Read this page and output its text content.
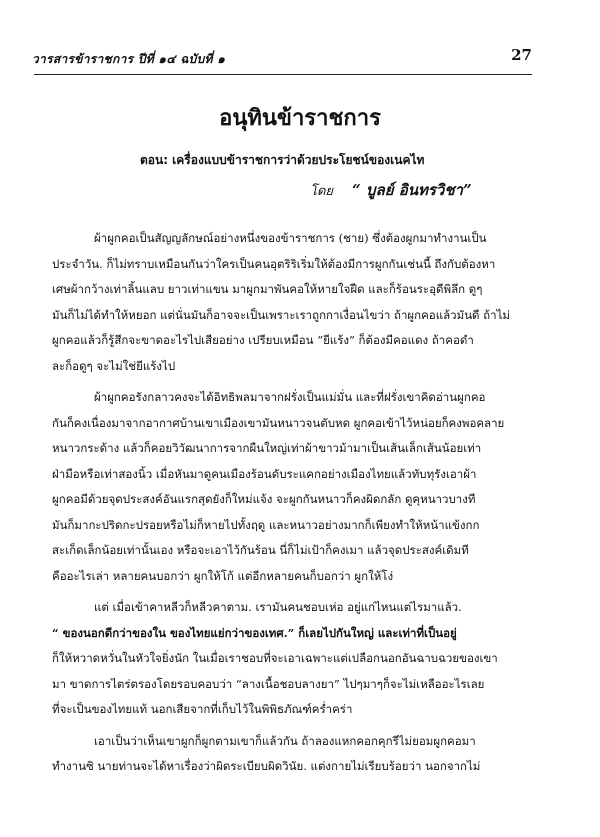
วารสารข้าราชการ ปีที่ ๑๔ ฉบับที่ ๑	27
อนุทินข้าราชการ
ตอน: เครื่องแบบข้าราชการว่าด้วยประโยชน์ของเนคไท
โดย “ บูลย์ อินทรวิชา”
ผ้าผูกคอเป็นสัญญลักษณ์อย่างหนึ่งของข้าราชการ (ชาย) ซึ่งต้องผูกมาทำงานเป็น
ประจำวัน. ก็ไม่ทราบเหมือนกันว่าใครเป็นคนอุตริริเริ่มให้ต้องมีการผูกกันเช่นนี้ ถึงกับต้องหา
เศษผ้ากว้างเท่าลิ้นแลบ ยาวเท่าแขน มาผูกมาพันคอให้หายใจฝืด และก็ร้อนระอุดีพิลึก ดูๆ
มันก็ไม่ได้ทำให้หยอก แต่นั่นมันก็อาจจะเป็นเพราะเราถูกกาเงื่อนไขว่า ถ้าผูกคอแล้วมันดี ถ้าไม่
ผูกคอแล้วก็รู้สึกจะขาดอะไรไปเสียอย่าง เปรียบเหมือน “ยีแร้ง” ก็ต้องมีคอแดง ถ้าคอดำ
ละก็อดูๆ จะไม่ใช่ยีแร้งไป
ผ้าผูกคอรังกลาวคงจะได้อิทธิพลมาจากฝรั่งเป็นแม่มั่น และที่ฝรั่งเขาคิดอ่านผูกคอ
กันก็คงเนื่องมาจากอากาศบ้านเขาเมืองเขามันหนาวจนตับหด ผูกคอเข้าไว้หน่อยก็คงพอคลาย
หนาวกระด้าง แล้วก็คอยวิวัฒนาการจากผืนใหญ่เท่าผ้าขาวม้ามาเป็นเส้นเล็กเส้นน้อยเท่า
ฝ่ามือหรือเท่าสองนิ้ว เมื่อหันมาดูคนเมืองร้อนดับระแคกอย่างเมืองไทยแล้วทับทุรังเอาผ้า
ผูกคอมีด้วยจุดประสงค์อันแรกสุดยังก็ใหม่แจ้ง จะผูกกันหนาวก็คงผิดกลัก ดูคุหนาวบางที
มันก็มากะปริดกะปรอยหรือไม่ก็หายไปทั้งฤดู และหนาวอย่างมากก็เพียงทำให้หน้าแข้งกก
สะเก็ดเล็กน้อยเท่านั้นเอง หรือจะเอาไว้กันร้อน นี่ก็ไม่เป้าก็คงเมา แล้วจุดประสงค์เดิมที
คืออะไรเล่า หลายคนบอกว่า ผูกให้โก้ แต่อีกหลายคนก็บอกว่า ผูกให้โง่
แต่ เมื่อเข้าคาหลีวก็หลีวคาตาม. เรามันคนชอบเห่อ อยู่แก่ไหนแต่ไรมาแล้ว.
“ ของนอกดีกว่าของใน ของไทยแย่กว่าของเทศ.” ก็เลยไปกันใหญ่ และเท่าที่เป็นอยู่
ก็ให้หวาดหวั่นในหัวใจยิ่งนัก ในเมื่อเราชอบที่จะเอาเฉพาะแต่เปลือกนอกอันฉาบฉวยของเขา
มา ขาดการไตร่ตรองโดยรอบคอบว่า “ลางเนื้อชอบลางยา” ไปๆมาๆก็จะไม่เหลืออะไรเลย
ที่จะเป็นของไทยแท้ นอกเสียจากที่เก็บไว้ในพิพิธภัณฑ์คร่ำคร่า
เอาเป็นว่าเห็นเขาผูกก็ผูกตามเขาก็แล้วกัน ถ้าลองแหกคอกคุกรีไม่ยอมผูกคอมา
ทำงานซิ นายท่านจะได้หาเรื่องว่าผิดระเบียบผิดวินัย. แต่งกายไม่เรียบร้อยว่า นอกจากไม่
